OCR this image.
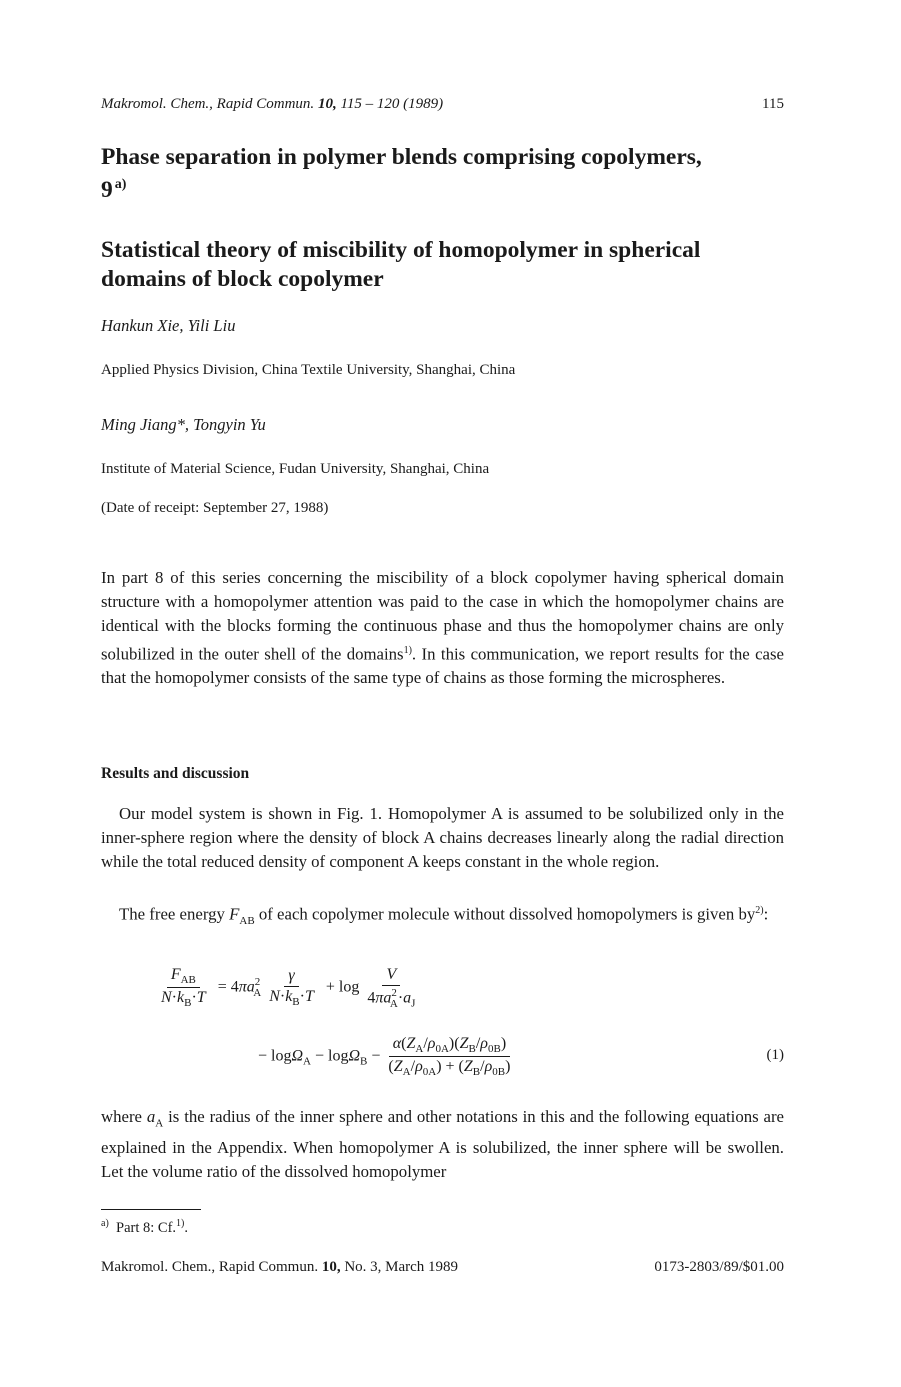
Makromol. Chem., Rapid Commun. 10, 115 – 120 (1989)	115
Phase separation in polymer blends comprising copolymers,
9 $^{a)}$
Statistical theory of miscibility of homopolymer in spherical domains of block copolymer
Hankun Xie, Yili Liu
Applied Physics Division, China Textile University, Shanghai, China
Ming Jiang*, Tongyin Yu
Institute of Material Science, Fudan University, Shanghai, China
(Date of receipt: September 27, 1988)
In part 8 of this series concerning the miscibility of a block copolymer having spherical domain structure with a homopolymer attention was paid to the case in which the homopolymer chains are identical with the blocks forming the continuous phase and thus the homopolymer chains are only solubilized in the outer shell of the domains$^{1)}$. In this communication, we report results for the case that the homopolymer consists of the same type of chains as those forming the microspheres.
Results and discussion
Our model system is shown in Fig. 1. Homopolymer A is assumed to be solubilized only in the inner-sphere region where the density of block A chains decreases linearly along the radial direction while the total reduced density of component A keeps constant in the whole region.
The free energy $F_{AB}$ of each copolymer molecule without dissolved homopolymers is given $by^{2)}$:
$\frac{F_{AB}}{N\cdot k_B\cdot T} = 4\pi a^2_A \frac{\gamma}{N\cdot k_B\cdot T} + \log \frac{V}{4\pi a^2_A\cdot a_J}$
− $\log\Omega_A - \log\Omega_B - \frac{\alpha(Z_A/\rho_{0A})(Z_B/\rho_{0B})}{(Z_A/\rho_{0A}) + (Z_B/\rho_{0B})}$	(1)
where $a_A$ is the radius of the inner sphere and other notations in this and the following equations are explained in the Appendix. When homopolymer A is solubilized, the inner sphere will be swollen. Let the volume ratio of the dissolved homopolymer
$^{a)}$ Part 8: Cf.$^{1)}$.
Makromol. Chem., Rapid Commun. 10, No. 3, March 1989	0173-2803/89/$01.00
